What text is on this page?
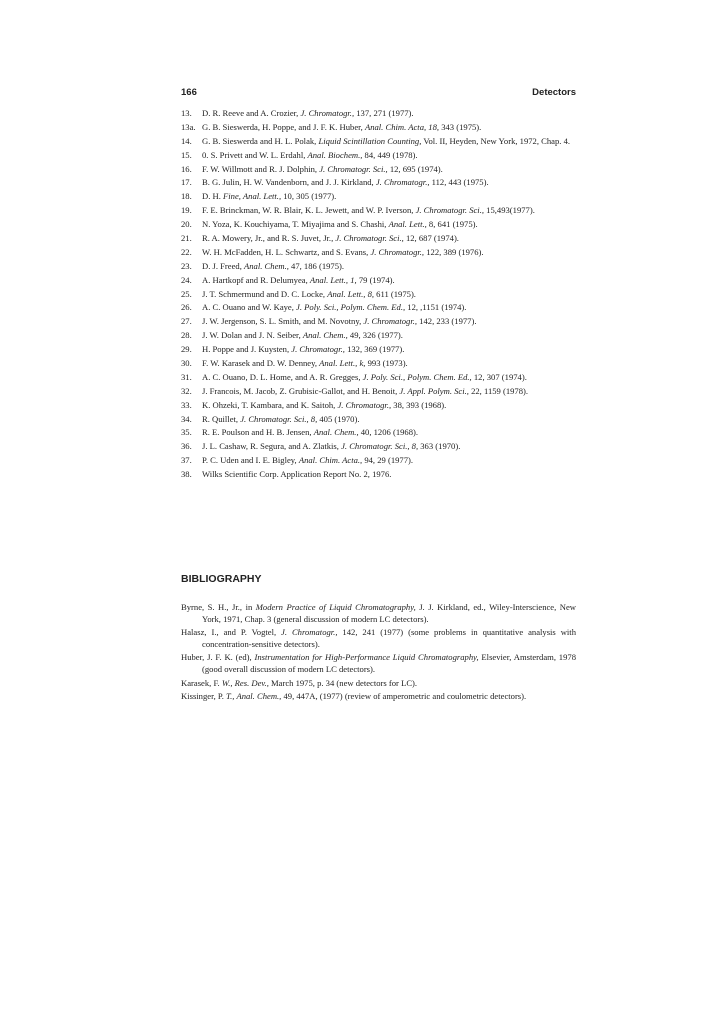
166	Detectors
13. D. R. Reeve and A. Crozier, J. Chromatogr., 137, 271 (1977).
13a. G. B. Sieswerda, H. Poppe, and J. F. K. Huber, Anal. Chim. Acta, 18, 343 (1975).
14. G. B. Sieswerda and H. L. Polak, Liquid Scintillation Counting, Vol. II, Heyden, New York, 1972, Chap. 4.
15. 0. S. Privett and W. L. Erdahl, Anal. Biochem., 84, 449 (1978).
16. F. W. Willmott and R. J. Dolphin, J. Chromatogr. Sci., 12, 695 (1974).
17. B. G. Julin, H. W. Vandenborn, and J. J. Kirkland, J. Chromatogr., 112, 443 (1975).
18. D. H. Fine, Anal. Lett., 10, 305 (1977).
19. F. E. Brinckman, W. R. Blair, K. L. Jewett, and W. P. Iverson, J. Chromatogr. Sci., 15,493(1977).
20. N. Yoza, K. Kouchiyama, T. Miyajima and S. Chashi, Anal. Lett., 8, 641 (1975).
21. R. A. Mowery, Jr., and R. S. Juvet, Jr., J. Chromatogr. Sci., 12, 687 (1974).
22. W. H. McFadden, H. L. Schwartz, and S. Evans, J. Chromatogr., 122, 389 (1976).
23. D. J. Freed, Anal. Chem., 47, 186 (1975).
24. A. Hartkopf and R. Delumyea, Anal. Lett., 1, 79 (1974).
25. J. T. Schmermund and D. C. Locke, Anal. Lett., 8, 611 (1975).
26. A. C. Ouano and W. Kaye, J. Poly. Sci., Polym. Chem. Ed., 12, ,1151 (1974).
27. J. W. Jergenson, S. L. Smith, and M. Novotny, J. Chromatogr., 142, 233 (1977).
28. J. W. Dolan and J. N. Seiber, Anal. Chem., 49, 326 (1977).
29. H. Poppe and J. Kuysten, J. Chromatogr., 132, 369 (1977).
30. F. W. Karasek and D. W. Denney, Anal. Lett., k, 993 (1973).
31. A. C. Ouano, D. L. Home, and A. R. Gregges, J. Poly. Sci., Polym. Chem. Ed., 12, 307 (1974).
32. J. Francois, M. Jacob, Z. Grubisic-Gallot, and H. Benoit, J. Appl. Polym. Sci., 22, 1159 (1978).
33. K. Ohzeki, T. Kambara, and K. Saitoh, J. Chromatogr., 38, 393 (1968).
34. R. Quillet, J. Chromatogr. Sci., 8, 405 (1970).
35. R. E. Poulson and H. B. Jensen, Anal. Chem., 40, 1206 (1968).
36. J. L. Cashaw, R. Segura, and A. Zlatkis, J. Chromatogr. Sci., 8, 363 (1970).
37. P. C. Uden and I. E. Bigley, Anal. Chim. Acta., 94, 29 (1977).
38. Wilks Scientific Corp. Application Report No. 2, 1976.
BIBLIOGRAPHY

Byrne, S. H., Jr., in Modern Practice of Liquid Chromatography, J. J. Kirkland, ed., Wiley-Interscience, New York, 1971, Chap. 3 (general discussion of modern LC detectors).

Halasz, I., and P. Vogtel, J. Chromatogr., 142, 241 (1977) (some problems in quantitative analysis with concentration-sensitive detectors).

Huber, J. F. K. (ed), Instrumentation for High-Performance Liquid Chromatography, Elsevier, Amsterdam, 1978 (good overall discussion of modern LC detectors).

Karasek, F. W., Res. Dev., March 1975, p. 34 (new detectors for LC).

Kissinger, P. T., Anal. Chem., 49, 447A, (1977) (review of amperometric and coulometric detectors).
